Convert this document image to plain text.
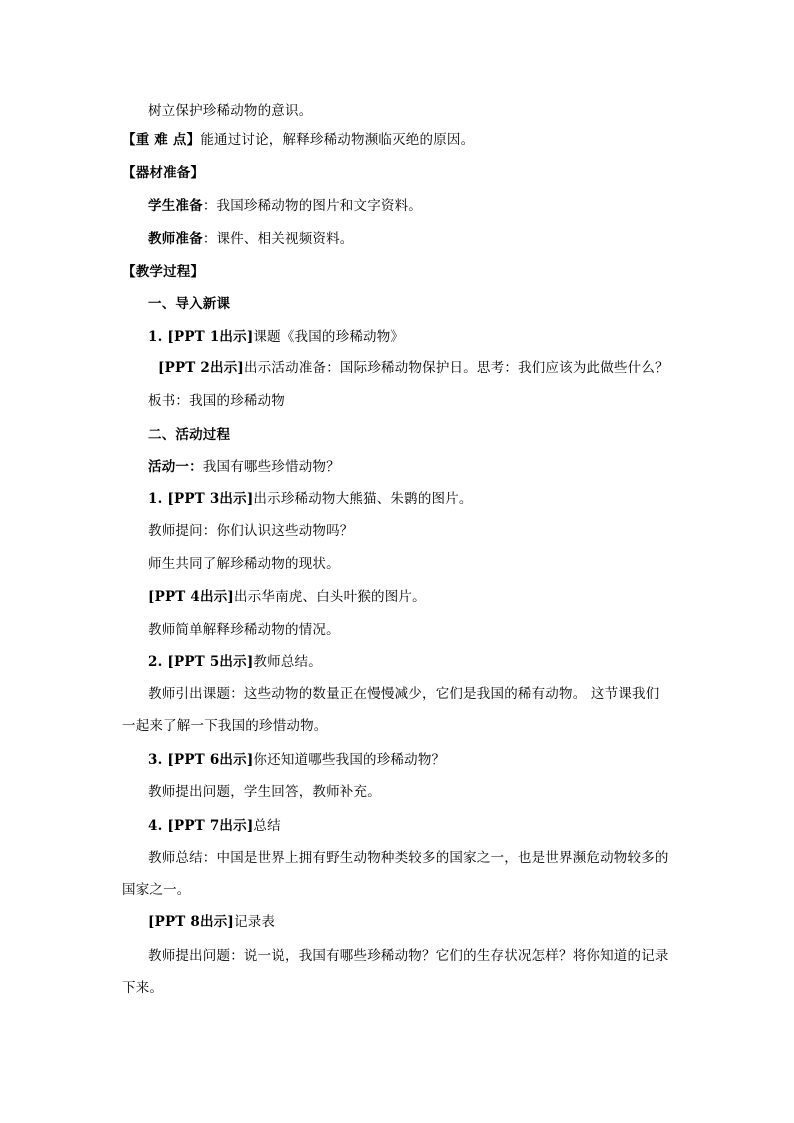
树立保护珍稀动物的意识。
【重 难 点】能通过讨论，解释珍稀动物濒临灭绝的原因。
【器材准备】
学生准备：我国珍稀动物的图片和文字资料。
教师准备：课件、相关视频资料。
【教学过程】
一、导入新课
1. [PPT 1出示]课题《我国的珍稀动物》
[PPT 2出示]出示活动准备：国际珍稀动物保护日。思考：我们应该为此做些什么？
板书：我国的珍稀动物
二、活动过程
活动一：我国有哪些珍惜动物？
1. [PPT 3出示]出示珍稀动物大熊猫、朱鹮的图片。
教师提问：你们认识这些动物吗？
师生共同了解珍稀动物的现状。
[PPT 4出示]出示华南虎、白头叶猴的图片。
教师简单解释珍稀动物的情况。
2. [PPT 5出示]教师总结。
教师引出课题：这些动物的数量正在慢慢减少，它们是我国的稀有动物。 这节课我们
一起来了解一下我国的珍惜动物。
3. [PPT 6出示]你还知道哪些我国的珍稀动物？
教师提出问题，学生回答，教师补充。
4. [PPT 7出示]总结
教师总结：中国是世界上拥有野生动物种类较多的国家之一，也是世界濒危动物较多的
国家之一。
[PPT 8出示]记录表
教师提出问题：说一说，我国有哪些珍稀动物？它们的生存状况怎样？将你知道的记录
下来。
